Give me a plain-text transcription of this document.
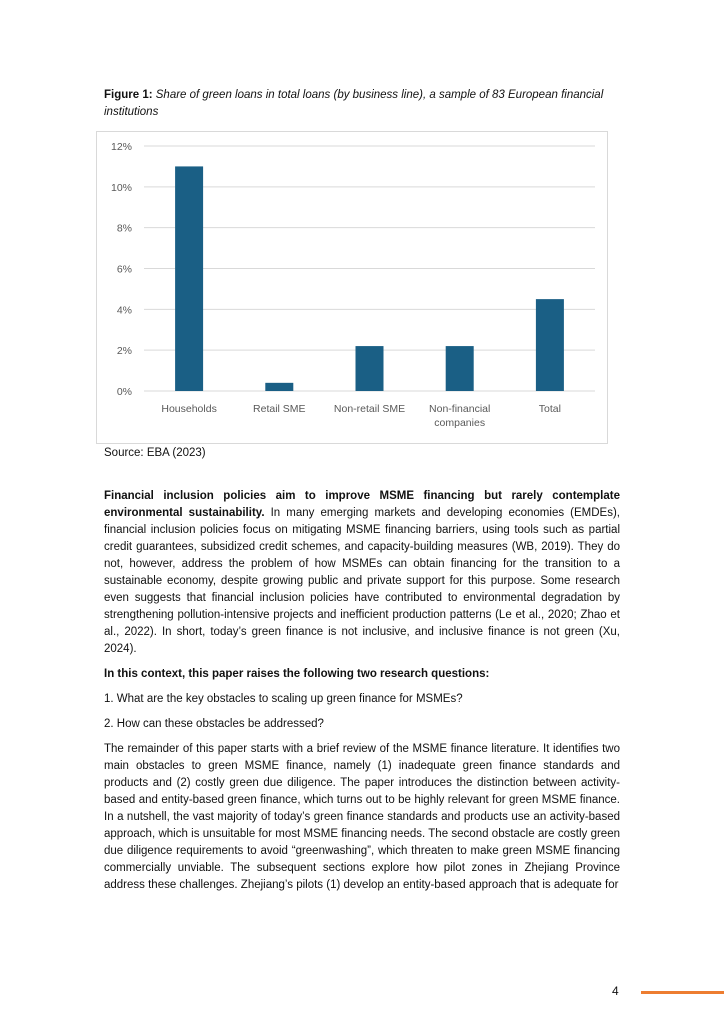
Figure 1: Share of green loans in total loans (by business line), a sample of 83 European financial institutions
0%
2%
4%
6%
8%
10%
12%
Households	Retail SME	Non-retail SME Non-financial companies
Total
Source: EBA (2023)

Financial inclusion policies aim to improve MSME financing but rarely contemplate environmental sustainability. In many emerging markets and developing economies (EMDEs), financial inclusion policies focus on mitigating MSME financing barriers, using tools such as partial credit guarantees, subsidized credit schemes, and capacity-building measures (WB, 2019). They do not, however, address the problem of how MSMEs can obtain financing for the transition to a sustainable economy, despite growing public and private support for this purpose. Some research even suggests that financial inclusion policies have contributed to environmental degradation by strengthening pollution-intensive projects and inefficient production patterns (Le et al., 2020; Zhao et al., 2022). In short, today’s green finance is not inclusive, and inclusive finance is not green (Xu, 2024).

In this context, this paper raises the following two research questions:

1. What are the key obstacles to scaling up green finance for MSMEs?

2. How can these obstacles be addressed?

The remainder of this paper starts with a brief review of the MSME finance literature. It identifies two main obstacles to green MSME finance, namely (1) inadequate green finance standards and products and (2) costly green due diligence. The paper introduces the distinction between activity-based and entity-based green finance, which turns out to be highly relevant for green MSME finance. In a nutshell, the vast majority of today’s green finance standards and products use an activity-based approach, which is unsuitable for most MSME financing needs. The second obstacle are costly green due diligence requirements to avoid “greenwashing”, which threaten to make green MSME financing commercially unviable. The subsequent sections explore how pilot zones in Zhejiang Province address these challenges. Zhejiang’s pilots (1) develop an entity-based approach that is adequate for

4
